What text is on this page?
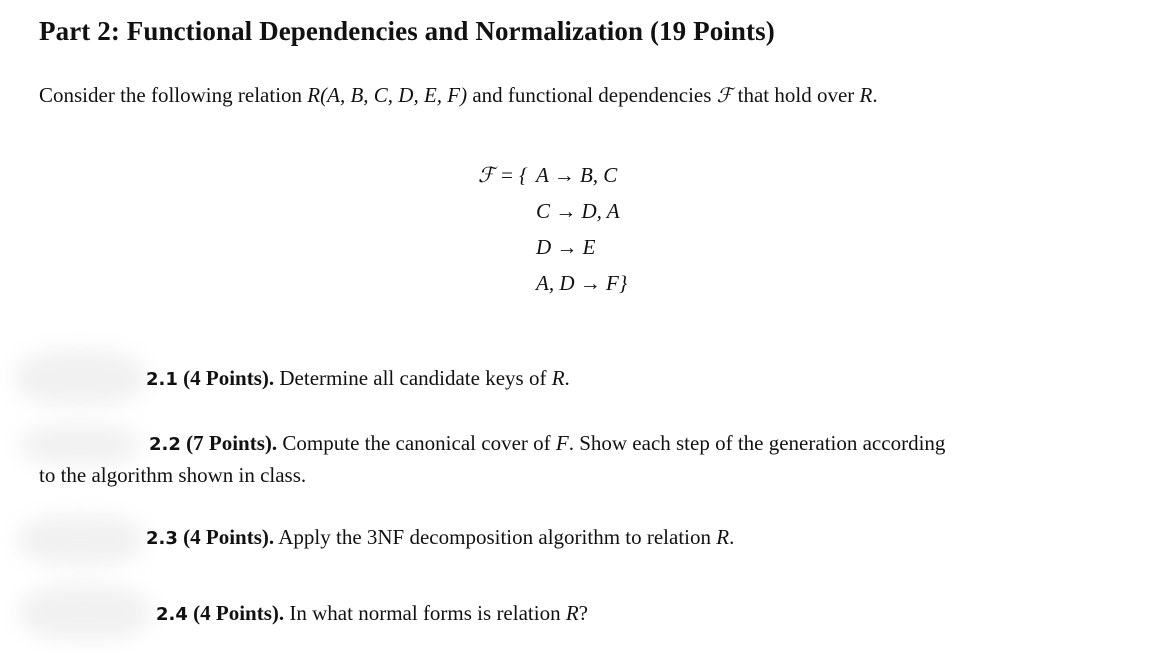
Part 2: Functional Dependencies and Normalization (19 Points)
Consider the following relation R(A, B, C, D, E, F) and functional dependencies ℱ that hold over R.
ℱ = { A → B, C
C → D, A
D → E
A, D → F}
2.1 (4 Points). Determine all candidate keys of R.
2.2 (7 Points). Compute the canonical cover of F. Show each step of the generation according
to the algorithm shown in class.
2.3 (4 Points). Apply the 3NF decomposition algorithm to relation R.
2.4 (4 Points). In what normal forms is relation R?
